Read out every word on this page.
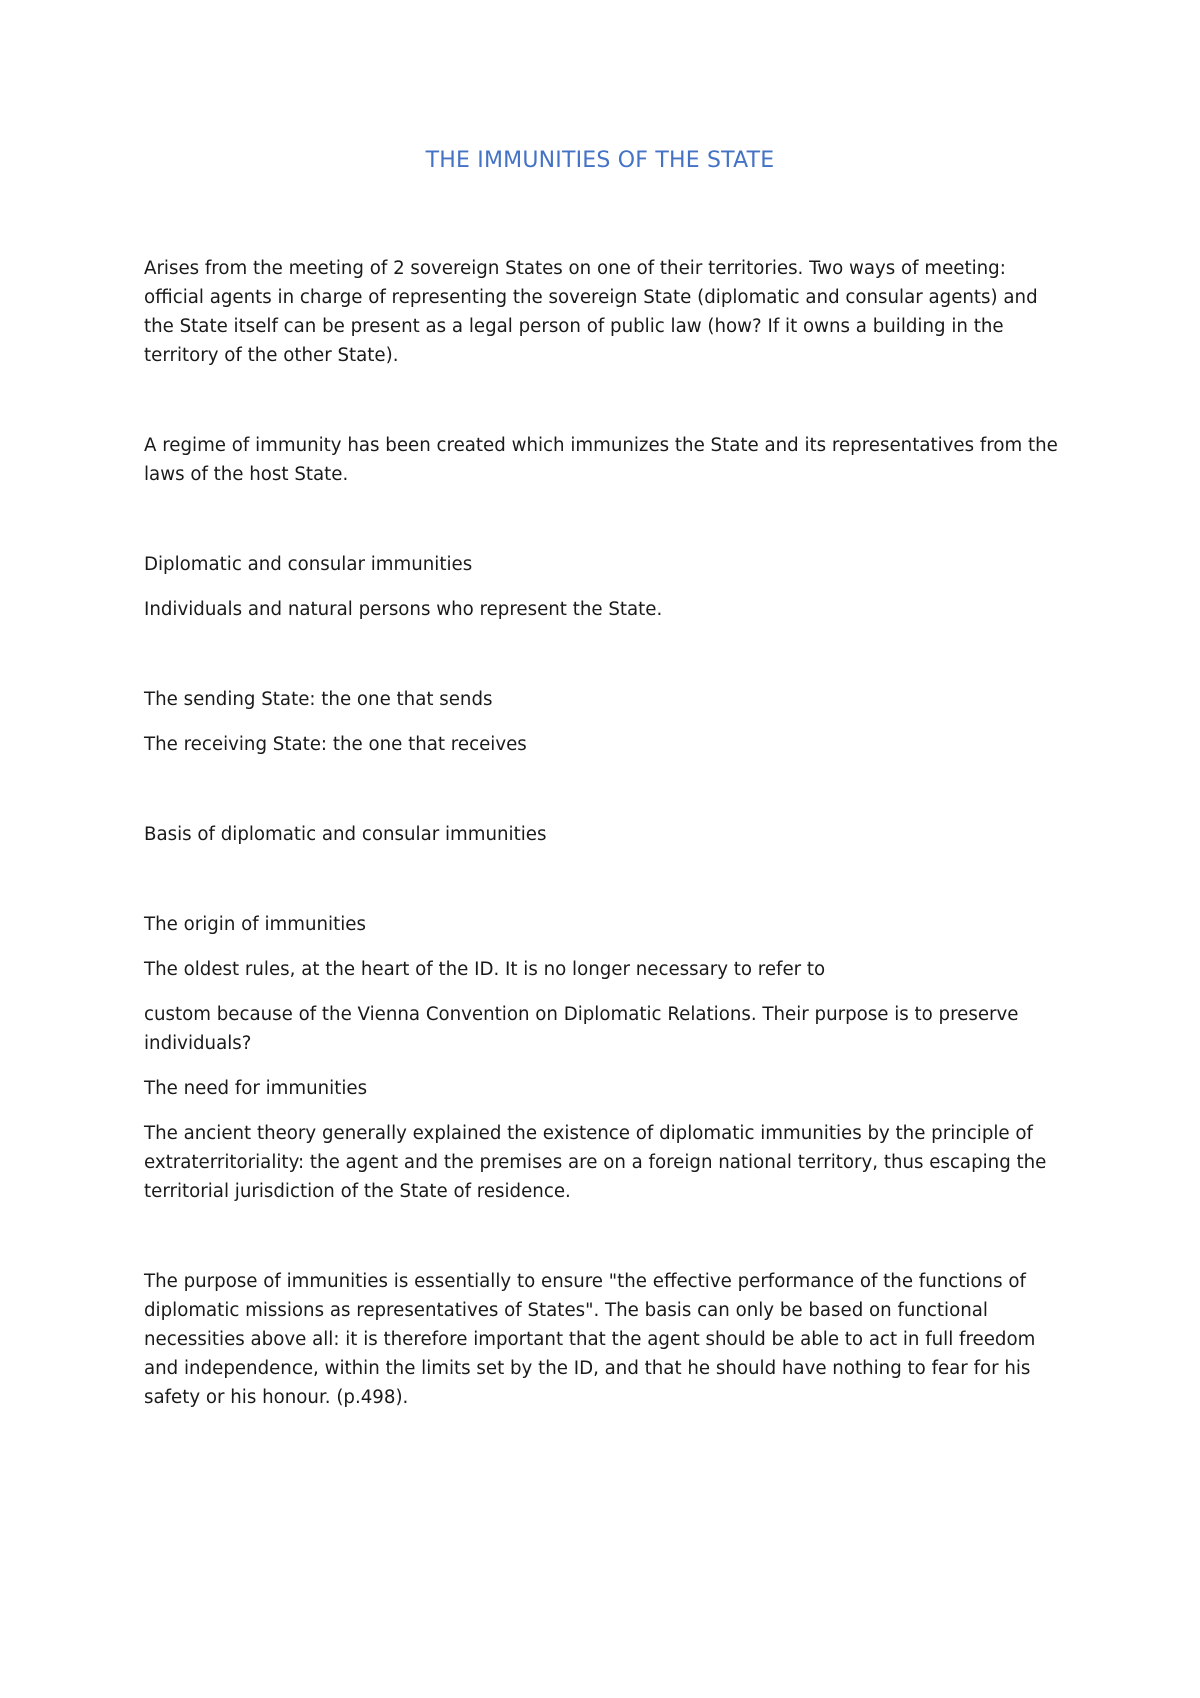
THE IMMUNITIES OF THE STATE

Arises from the meeting of 2 sovereign States on one of their territories. Two ways of meeting: official agents in charge of representing the sovereign State (diplomatic and consular agents) and the State itself can be present as a legal person of public law (how? If it owns a building in the territory of the other State).

A regime of immunity has been created which immunizes the State and its representatives from the laws of the host State.

Diplomatic and consular immunities

Individuals and natural persons who represent the State.

The sending State: the one that sends

The receiving State: the one that receives

Basis of diplomatic and consular immunities

The origin of immunities

The oldest rules, at the heart of the ID. It is no longer necessary to refer to

custom because of the Vienna Convention on Diplomatic Relations. Their purpose is to preserve individuals?

The need for immunities

The ancient theory generally explained the existence of diplomatic immunities by the principle of extraterritoriality: the agent and the premises are on a foreign national territory, thus escaping the territorial jurisdiction of the State of residence.

The purpose of immunities is essentially to ensure "the effective performance of the functions of diplomatic missions as representatives of States". The basis can only be based on functional necessities above all: it is therefore important that the agent should be able to act in full freedom and independence, within the limits set by the ID, and that he should have nothing to fear for his safety or his honour. (p.498).
